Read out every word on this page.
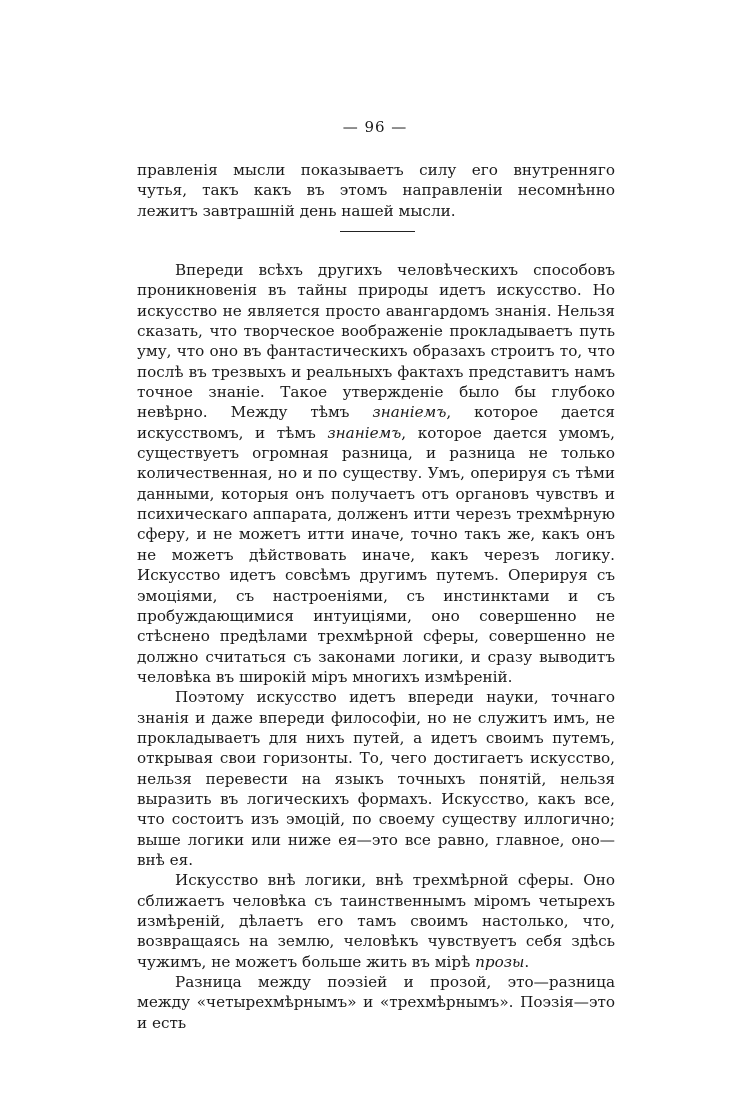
— 96 —

правленія мысли показываетъ силу его внутренняго чутья, такъ какъ въ этомъ направленіи несомнѣнно лежитъ завтрашній день нашей мысли.

Впереди всѣхъ другихъ человѣческихъ способовъ проникновенія въ тайны природы идетъ искусство. Но искусство не является просто авангардомъ знанія. Нельзя сказать, что творческое воображеніе прокладываетъ путь уму, что оно въ фантастическихъ образахъ строитъ то, что послѣ въ трезвыхъ и реальныхъ фактахъ представитъ намъ точное знаніе. Такое утвержденіе было бы глубоко невѣрно. Между тѣмъ знаніемъ, которое дается искусствомъ, и тѣмъ знаніемъ, которое дается умомъ, существуетъ огромная разница, и разница не только количественная, но и по существу. Умъ, оперируя съ тѣми данными, которыя онъ получаетъ отъ органовъ чувствъ и психическаго аппарата, долженъ итти черезъ трехмѣрную сферу, и не можетъ итти иначе, точно такъ же, какъ онъ не можетъ дѣйствовать иначе, какъ черезъ логику. Искусство идетъ совсѣмъ другимъ путемъ. Оперируя съ эмоціями, съ настроеніями, съ инстинктами и съ пробуждающимися интуиціями, оно совершенно не стѣснено предѣлами трехмѣрной сферы, совершенно не должно считаться съ законами логики, и сразу выводитъ человѣка въ широкій міръ многихъ измѣреній.

Поэтому искусство идетъ впереди науки, точнаго знанія и даже впереди философіи, но не служитъ имъ, не прокладываетъ для нихъ путей, а идетъ своимъ путемъ, открывая свои горизонты. То, чего достигаетъ искусство, нельзя перевести на языкъ точныхъ понятій, нельзя выразить въ логическихъ формахъ. Искусство, какъ все, что состоитъ изъ эмоцій, по своему существу иллогично; выше логики или ниже ея—это все равно, главное, оно—внѣ ея.

Искусство внѣ логики, внѣ трехмѣрной сферы. Оно сближаетъ человѣка съ таинственнымъ міромъ четырехъ измѣреній, дѣлаетъ его тамъ своимъ настолько, что, возвращаясь на землю, человѣкъ чувствуетъ себя здѣсь чужимъ, не можетъ больше жить въ мірѣ прозы.

Разница между поэзіей и прозой, это—разница между «четырехмѣрнымъ» и «трехмѣрнымъ». Поэзія—это и есть
